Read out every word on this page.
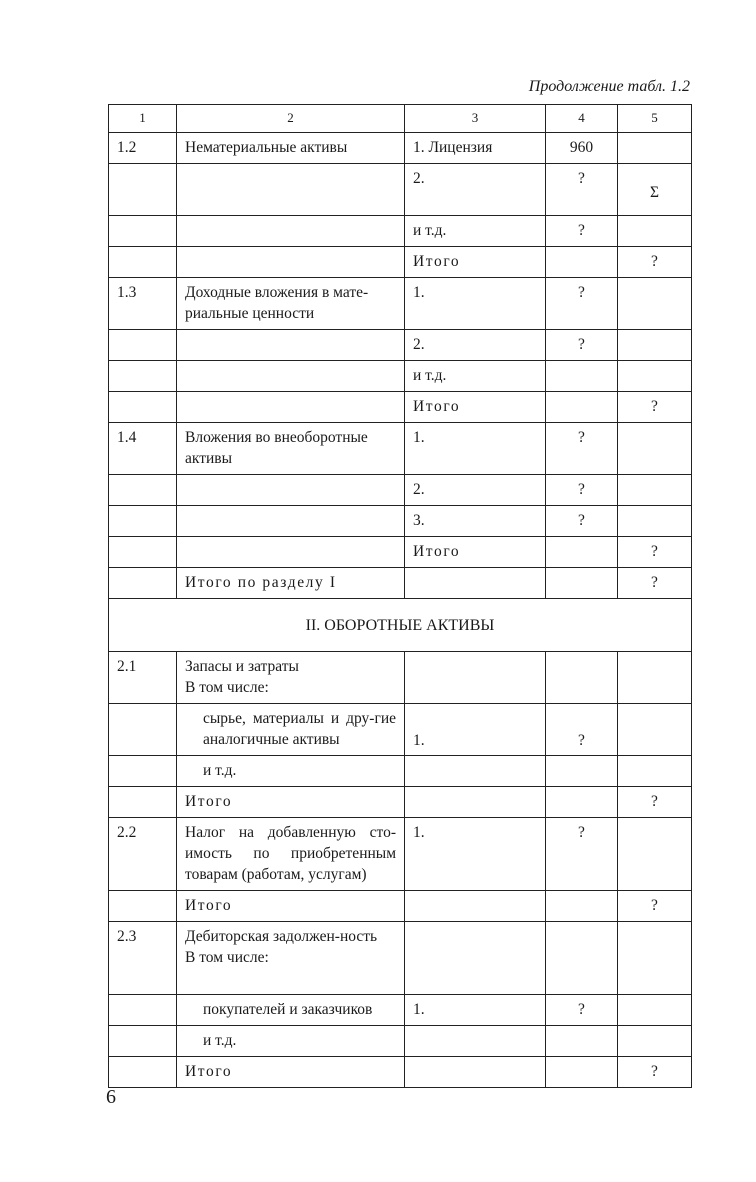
Продолжение табл. 1.2
1	2	3	4	5
1.2	Нематериальные активы	1. Лицензия	960	
		2.	?	Σ

		и т.д.	?	
		Итого		?
1.3	Доходные вложения в мате-риальные ценности	1.	?	
		2.	?	
		и т.д.		
		Итого		?
1.4	Вложения во внеоборотные активы	1.	?	
		2.	?	
		3.	?	
		Итого		?
	Итого по разделу I			?
II. ОБОРОТНЫЕ АКТИВЫ				
2.1	Запасы и затраты
В том числе:			

	сырье, материалы и дру-гие аналогичные активы	1.	?	
	и т.д.			
	Итого			?
2.2	Налог на добавленную сто-имость по приобретенным товарам (работам, услугам)	1.	?	
	Итого			?
2.3	Дебиторская задолжен-ность
В том числе:			

	покупателей и заказчиков	1.	?	
	и т.д.			
	Итого			?
6
